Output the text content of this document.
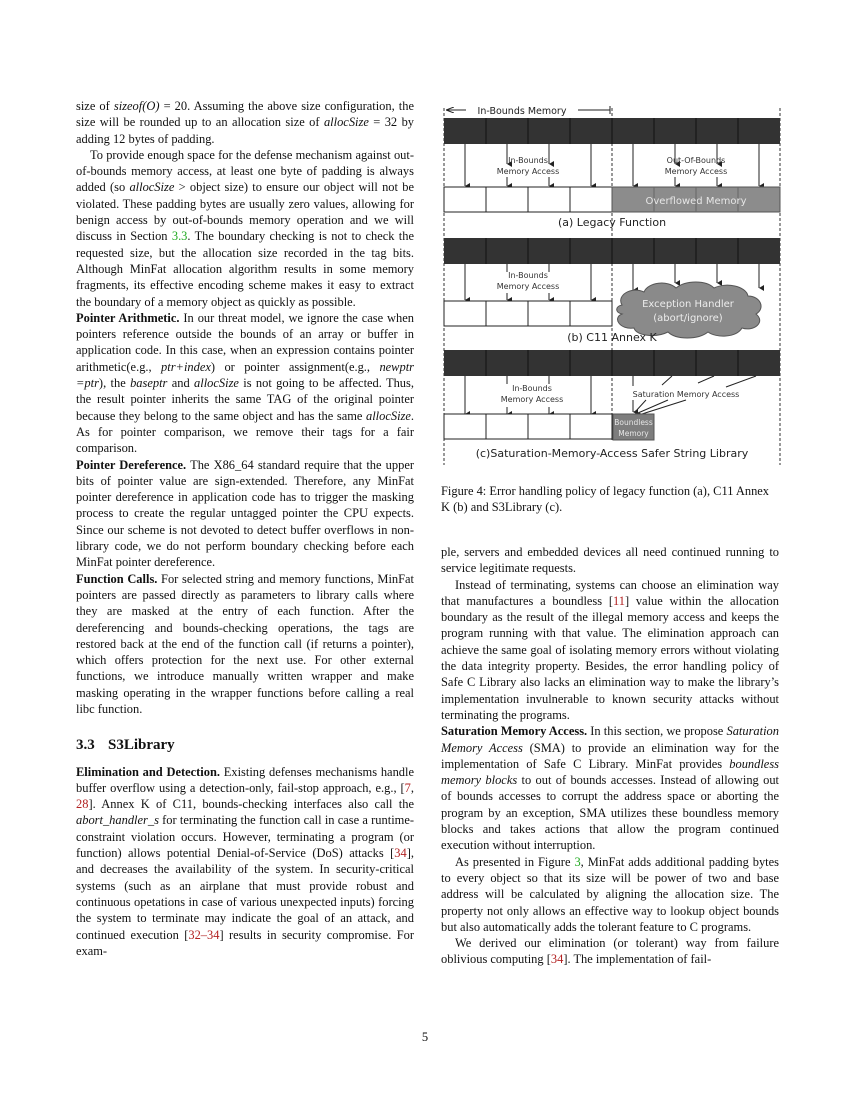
size of sizeof(O) = 20. Assuming the above size configuration, the size will be rounded up to an allocation size of allocSize = 32 by adding 12 bytes of padding.

To provide enough space for the defense mechanism against out-of-bounds memory access, at least one byte of padding is always added (so allocSize > object size) to ensure our object will not be violated. These padding bytes are usually zero values, allowing for benign access by out-of-bounds memory operation and we will discuss in Section 3.3. The boundary checking is not to check the requested size, but the allocation size recorded in the tag bits. Although MinFat allocation algorithm results in some memory fragments, its effective encoding scheme makes it easy to extract the boundary of a memory object as quickly as possible.

Pointer Arithmetic. In our threat model, we ignore the case when pointers reference outside the bounds of an array or buffer in application code. In this case, when an expression contains pointer arithmetic(e.g., ptr+index) or pointer assignment(e.g., newptr =ptr), the baseptr and allocSize is not going to be affected. Thus, the result pointer inherits the same TAG of the original pointer because they belong to the same object and has the same allocSize. As for pointer comparison, we remove their tags for a fair comparison.

Pointer Dereference. The X86_64 standard require that the upper bits of pointer value are sign-extended. Therefore, any MinFat pointer dereference in application code has to trigger the masking process to create the regular untagged pointer the CPU expects. Since our scheme is not devoted to detect buffer overflows in non-library code, we do not perform boundary checking before each MinFat pointer dereference.

Function Calls. For selected string and memory functions, MinFat pointers are passed directly as parameters to library calls where they are masked at the entry of each function. After the dereferencing and bounds-checking operations, the tags are restored back at the end of the function call (if returns a pointer), which offers protection for the next use. For other external functions, we introduce manually written wrapper and make masking operating in the wrapper functions before calling a real libc function.

3.3 S3Library

Elimination and Detection. Existing defenses mechanisms handle buffer overflow using a detection-only, fail-stop approach, e.g., [7, 28]. Annex K of C11, bounds-checking interfaces also call the abort_handler_s for terminating the function call in case a runtime-constraint violation occurs. However, terminating a program (or function) allows potential Denial-of-Service (DoS) attacks [34], and decreases the availability of the system. In security-critical systems (such as an airplane that must provide robust and continuous opetations in case of various unexpected inputs) forcing the system to terminate may indicate the goal of an attack, and continued execution [32–34] results in security compromise. For exam-

In-Bounds Memory
In-Bounds
Memory Access
Out-Of-Bounds
Memory Access
Overflowed Memory
(a) Legacy Function
In-Bounds
Memory Access
Exception Handler
(abort/ignore)
(b) C11 Annex K
In-Bounds
Memory Access
Saturation Memory Access
Boundless
Memory
(c)Saturation-Memory-Access Safer String Library
Figure 4: Error handling policy of legacy function (a), C11 Annex K (b) and S3Library (c).

ple, servers and embedded devices all need continued running to service legitimate requests.

Instead of terminating, systems can choose an elimination way that manufactures a boundless [11] value within the allocation boundary as the result of the illegal memory access and keeps the program running with that value. The elimination approach can achieve the same goal of isolating memory errors without violating the data integrity property. Besides, the error handling policy of Safe C Library also lacks an elimination way to make the library’s implementation invulnerable to known security attacks without terminating the programs.

Saturation Memory Access. In this section, we propose Saturation Memory Access (SMA) to provide an elimination way for the implementation of Safe C Library. MinFat provides boundless memory blocks to out of bounds accesses. Instead of allowing out of bounds accesses to corrupt the address space or aborting the program by an exception, SMA utilizes these boundless memory blocks and takes actions that allow the program continued execution without interruption.

As presented in Figure 3, MinFat adds additional padding bytes to every object so that its size will be power of two and base address will be calculated by aligning the allocation size. The property not only allows an effective way to lookup object bounds but also automatically adds the tolerant feature to C programs.

We derived our elimination (or tolerant) way from failure oblivious computing [34]. The implementation of fail-

5
